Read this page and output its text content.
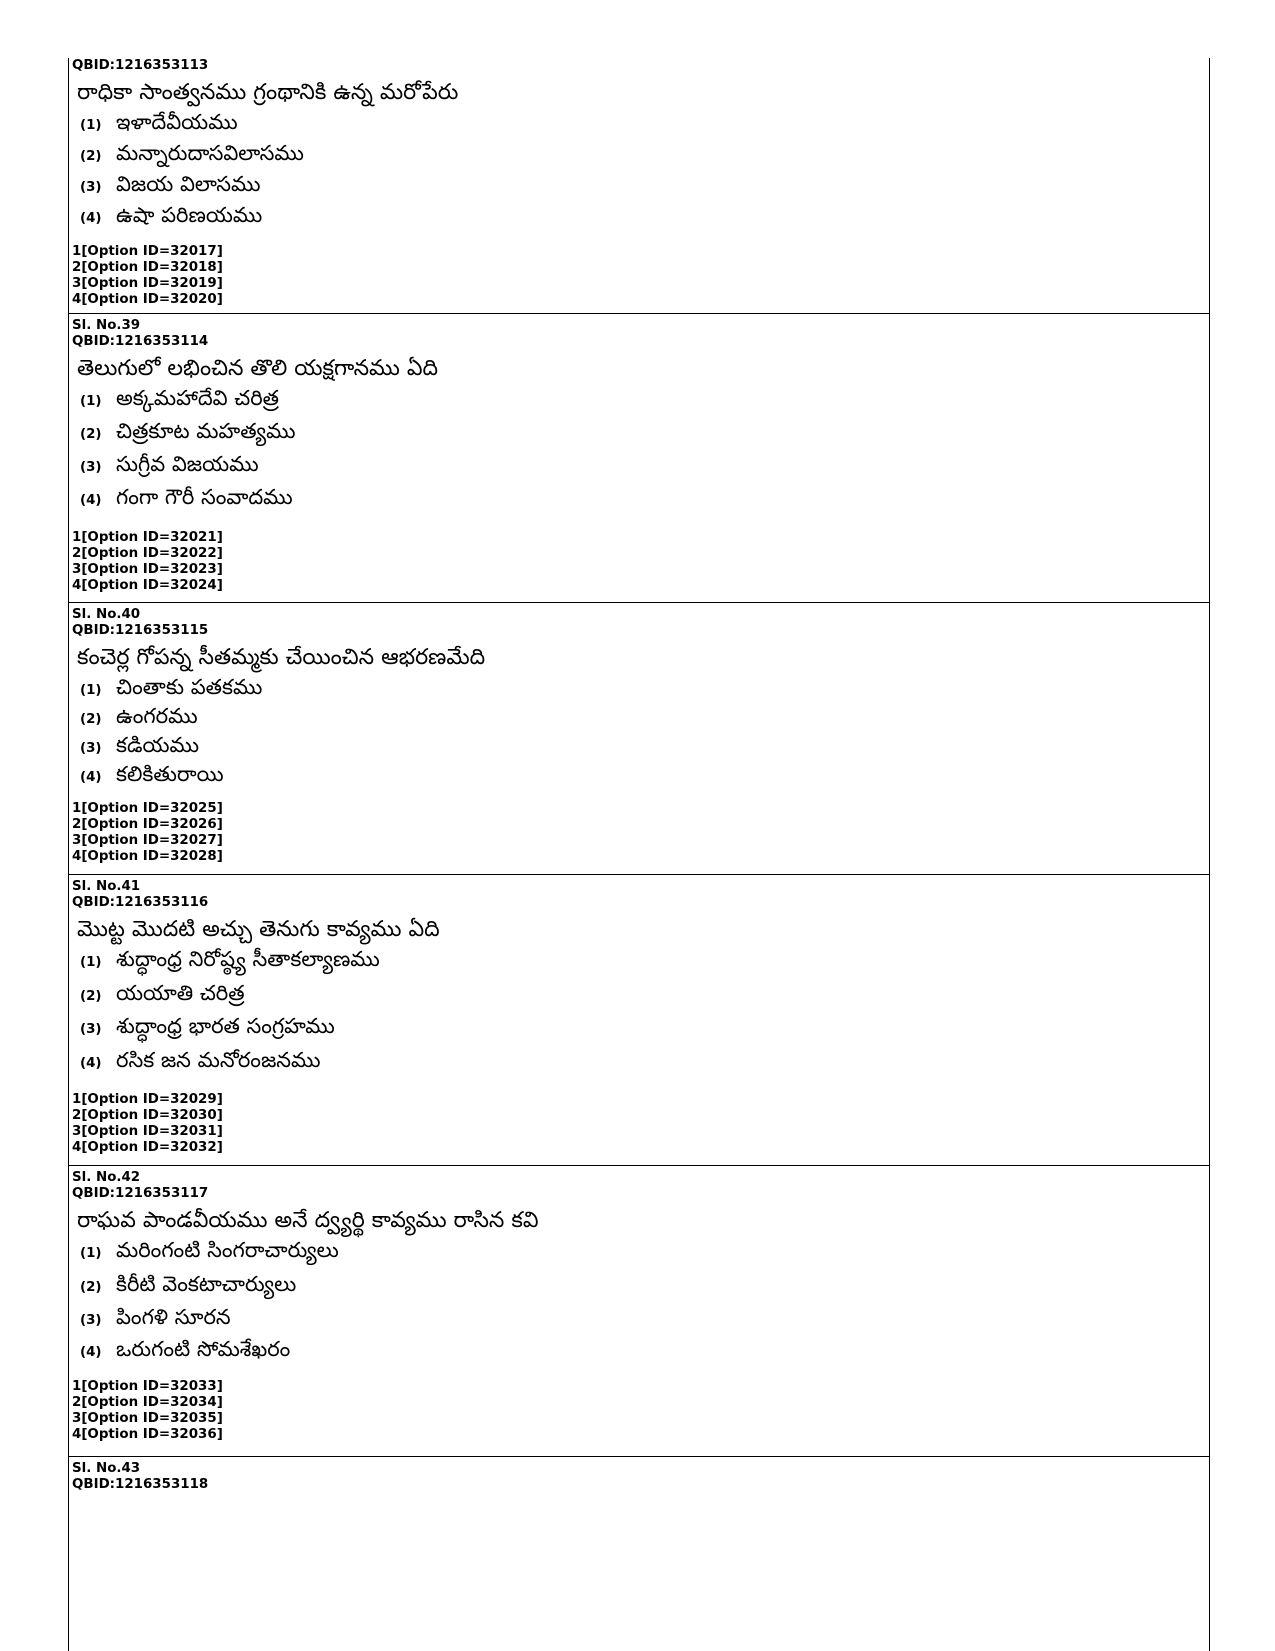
QBID:1216353113
రాధికా సాంత్వనము గ్రంథానికి ఉన్న మరోపేరు
(1) ఇళాదేవీయము
(2) మన్నారుదాసవిలాసము
(3) విజయ విలాసము
(4) ఉషా పరిణయము
1[Option ID=32017]
2[Option ID=32018]
3[Option ID=32019]
4[Option ID=32020]
Sl. No.39
QBID:1216353114
తెలుగులో లభించిన తొలి యక్షగానము ఏది
(1) అక్కమహాదేవి చరిత్ర
(2) చిత్రకూట మహత్యము
(3) సుగ్రీవ విజయము
(4) గంగా గౌరీ సంవాదము
1[Option ID=32021]
2[Option ID=32022]
3[Option ID=32023]
4[Option ID=32024]
Sl. No.40
QBID:1216353115
కంచెర్ల గోపన్న సీతమ్మకు చేయించిన ఆభరణమేది
(1) చింతాకు పతకము
(2) ఉంగరము
(3) కడియము
(4) కలికితురాయి
1[Option ID=32025]
2[Option ID=32026]
3[Option ID=32027]
4[Option ID=32028]
Sl. No.41
QBID:1216353116
మొట్ట మొదటి అచ్చు తెనుగు కావ్యము ఏది
(1) శుద్ధాంధ్ర నిరోష్ఠ్య సీతాకల్యాణము
(2) యయాతి చరిత్ర
(3) శుద్ధాంధ్ర భారత సంగ్రహము
(4) రసిక జన మనోరంజనము
1[Option ID=32029]
2[Option ID=32030]
3[Option ID=32031]
4[Option ID=32032]
Sl. No.42
QBID:1216353117
రాఘవ పాండవీయము అనే ద్వ్యర్థి కావ్యము రాసిన కవి
(1) మరింగంటి సింగరాచార్యులు
(2) కిరీటి వెంకటాచార్యులు
(3) పింగళి సూరన
(4) ఒరుగంటి సోమశేఖరం
1[Option ID=32033]
2[Option ID=32034]
3[Option ID=32035]
4[Option ID=32036]
Sl. No.43
QBID:1216353118
